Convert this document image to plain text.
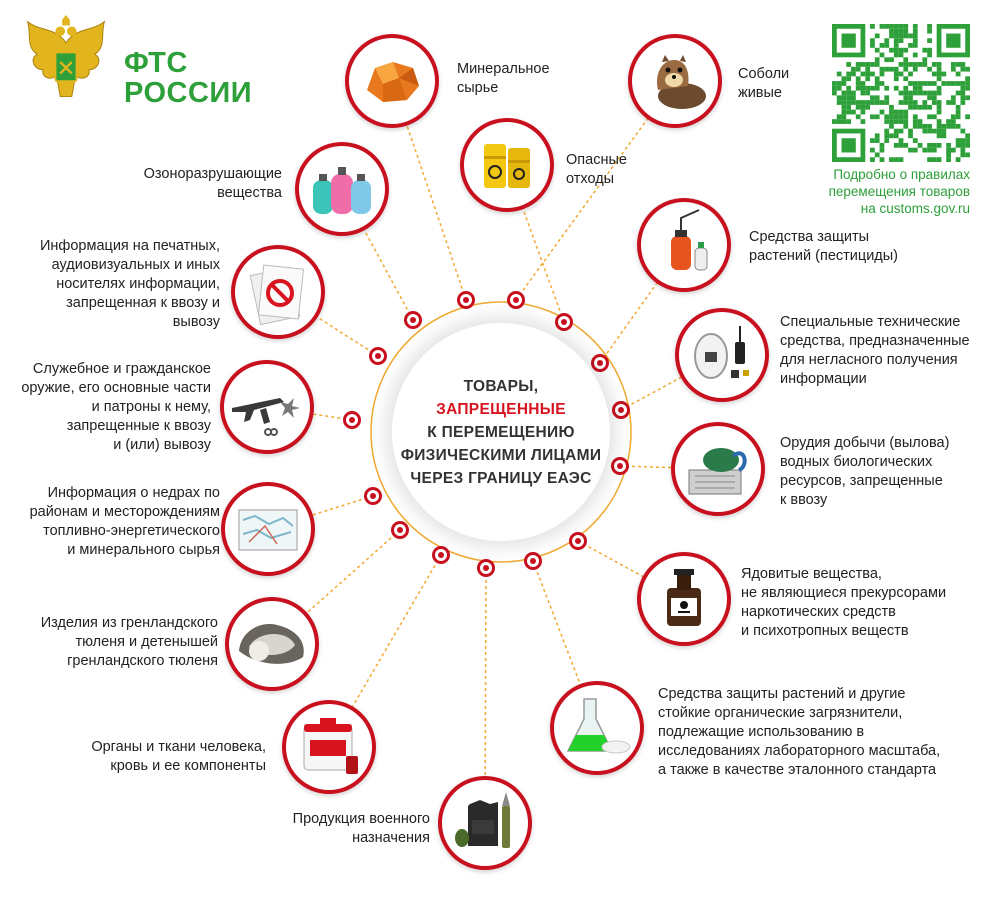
ФТС
РОССИИ
Подробно о правилах
перемещения товаров
на customs.gov.ru
ТОВАРЫ,
ЗАПРЕЩЕННЫЕ
К ПЕРЕМЕЩЕНИЮ
ФИЗИЧЕСКИМИ ЛИЦАМИ
ЧЕРЕЗ ГРАНИЦУ ЕАЭС
Минеральное
сырье
Соболи
живые
Опасные
отходы
Озоноразрушающие
вещества
Средства защиты
растений (пестициды)
Информация на печатных,
аудиовизуальных и иных
носителях информации,
запрещенная к ввозу и
вывозу	Специальные технические
средства, предназначенные
для негласного получения
информации
Служебное и гражданское
оружие, его основные части
и патроны к нему,
запрещенные к ввозу
и (или) вывозу	Орудия добычи (вылова)
водных биологических
ресурсов, запрещенные
к ввозу
Информация о недрах по
районам и месторождениям
топливно-энергетического
и минерального сырья
Ядовитые вещества,
не являющиеся прекурсорами
наркотических средств
и психотропных веществ
Изделия из гренландского
тюленя и детенышей
гренландского тюленя
Средства защиты растений и другие
стойкие органические загрязнители,
подлежащие использованию в
исследованиях лабораторного масштаба,
а также в качестве эталонного стандарта
Органы и ткани человека,
кровь и ее компоненты
Продукция военного
назначения
